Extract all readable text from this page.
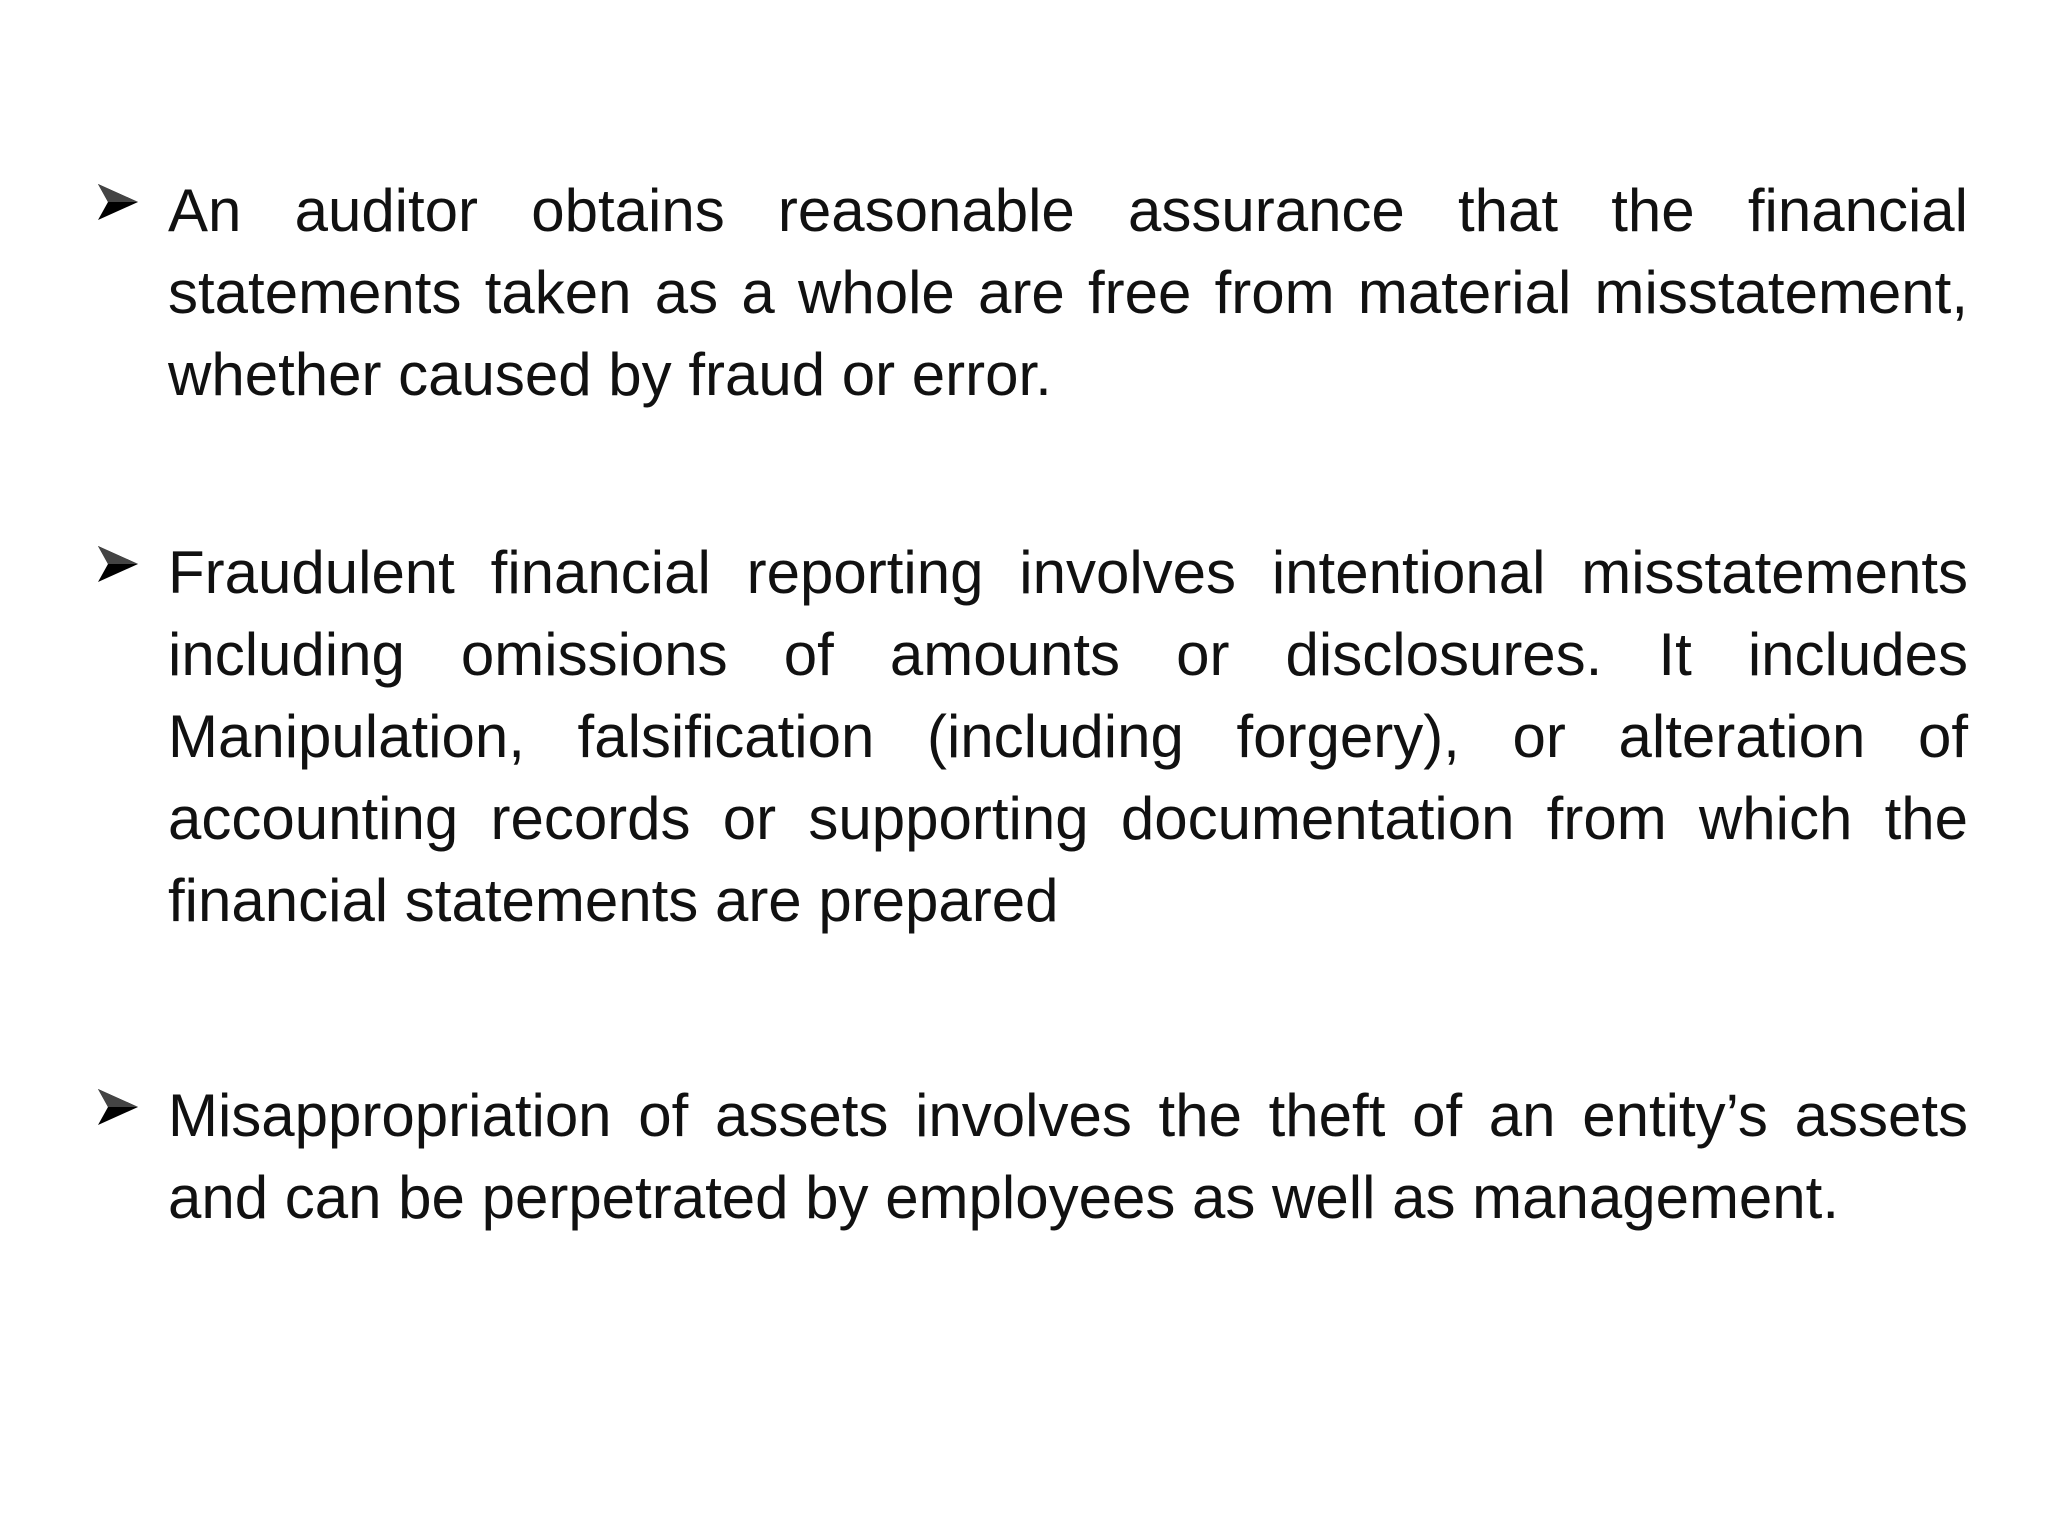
An auditor obtains reasonable assurance that the financial statements taken as a whole are free from material misstatement, whether caused by fraud or error.

Fraudulent financial reporting involves intentional misstatements including omissions of amounts or disclosures. It includes Manipulation, falsification (including forgery), or alteration of accounting records or supporting documentation from which the financial statements are prepared

Misappropriation of assets involves the theft of an entity’s assets and can be perpetrated by employees as well as management.
